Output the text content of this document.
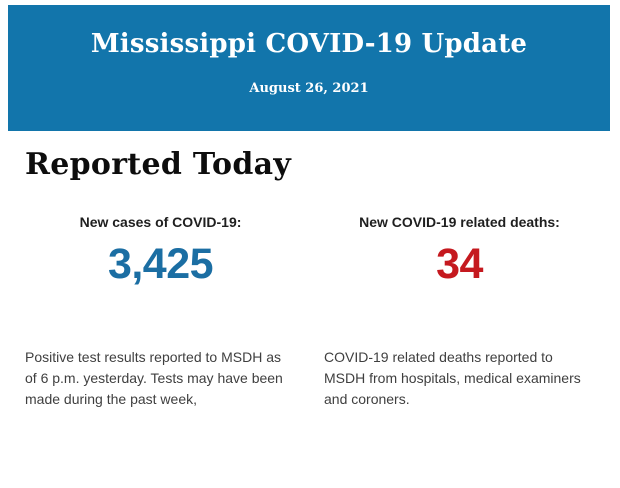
Mississippi COVID-19 Update
August 26, 2021
Reported Today
New cases of COVID-19:
3,425
New COVID-19 related deaths:
34

Positive test results reported to MSDH as of 6 p.m. yesterday. Tests may have been made during the past week,

COVID-19 related deaths reported to MSDH from hospitals, medical examiners and coroners.
